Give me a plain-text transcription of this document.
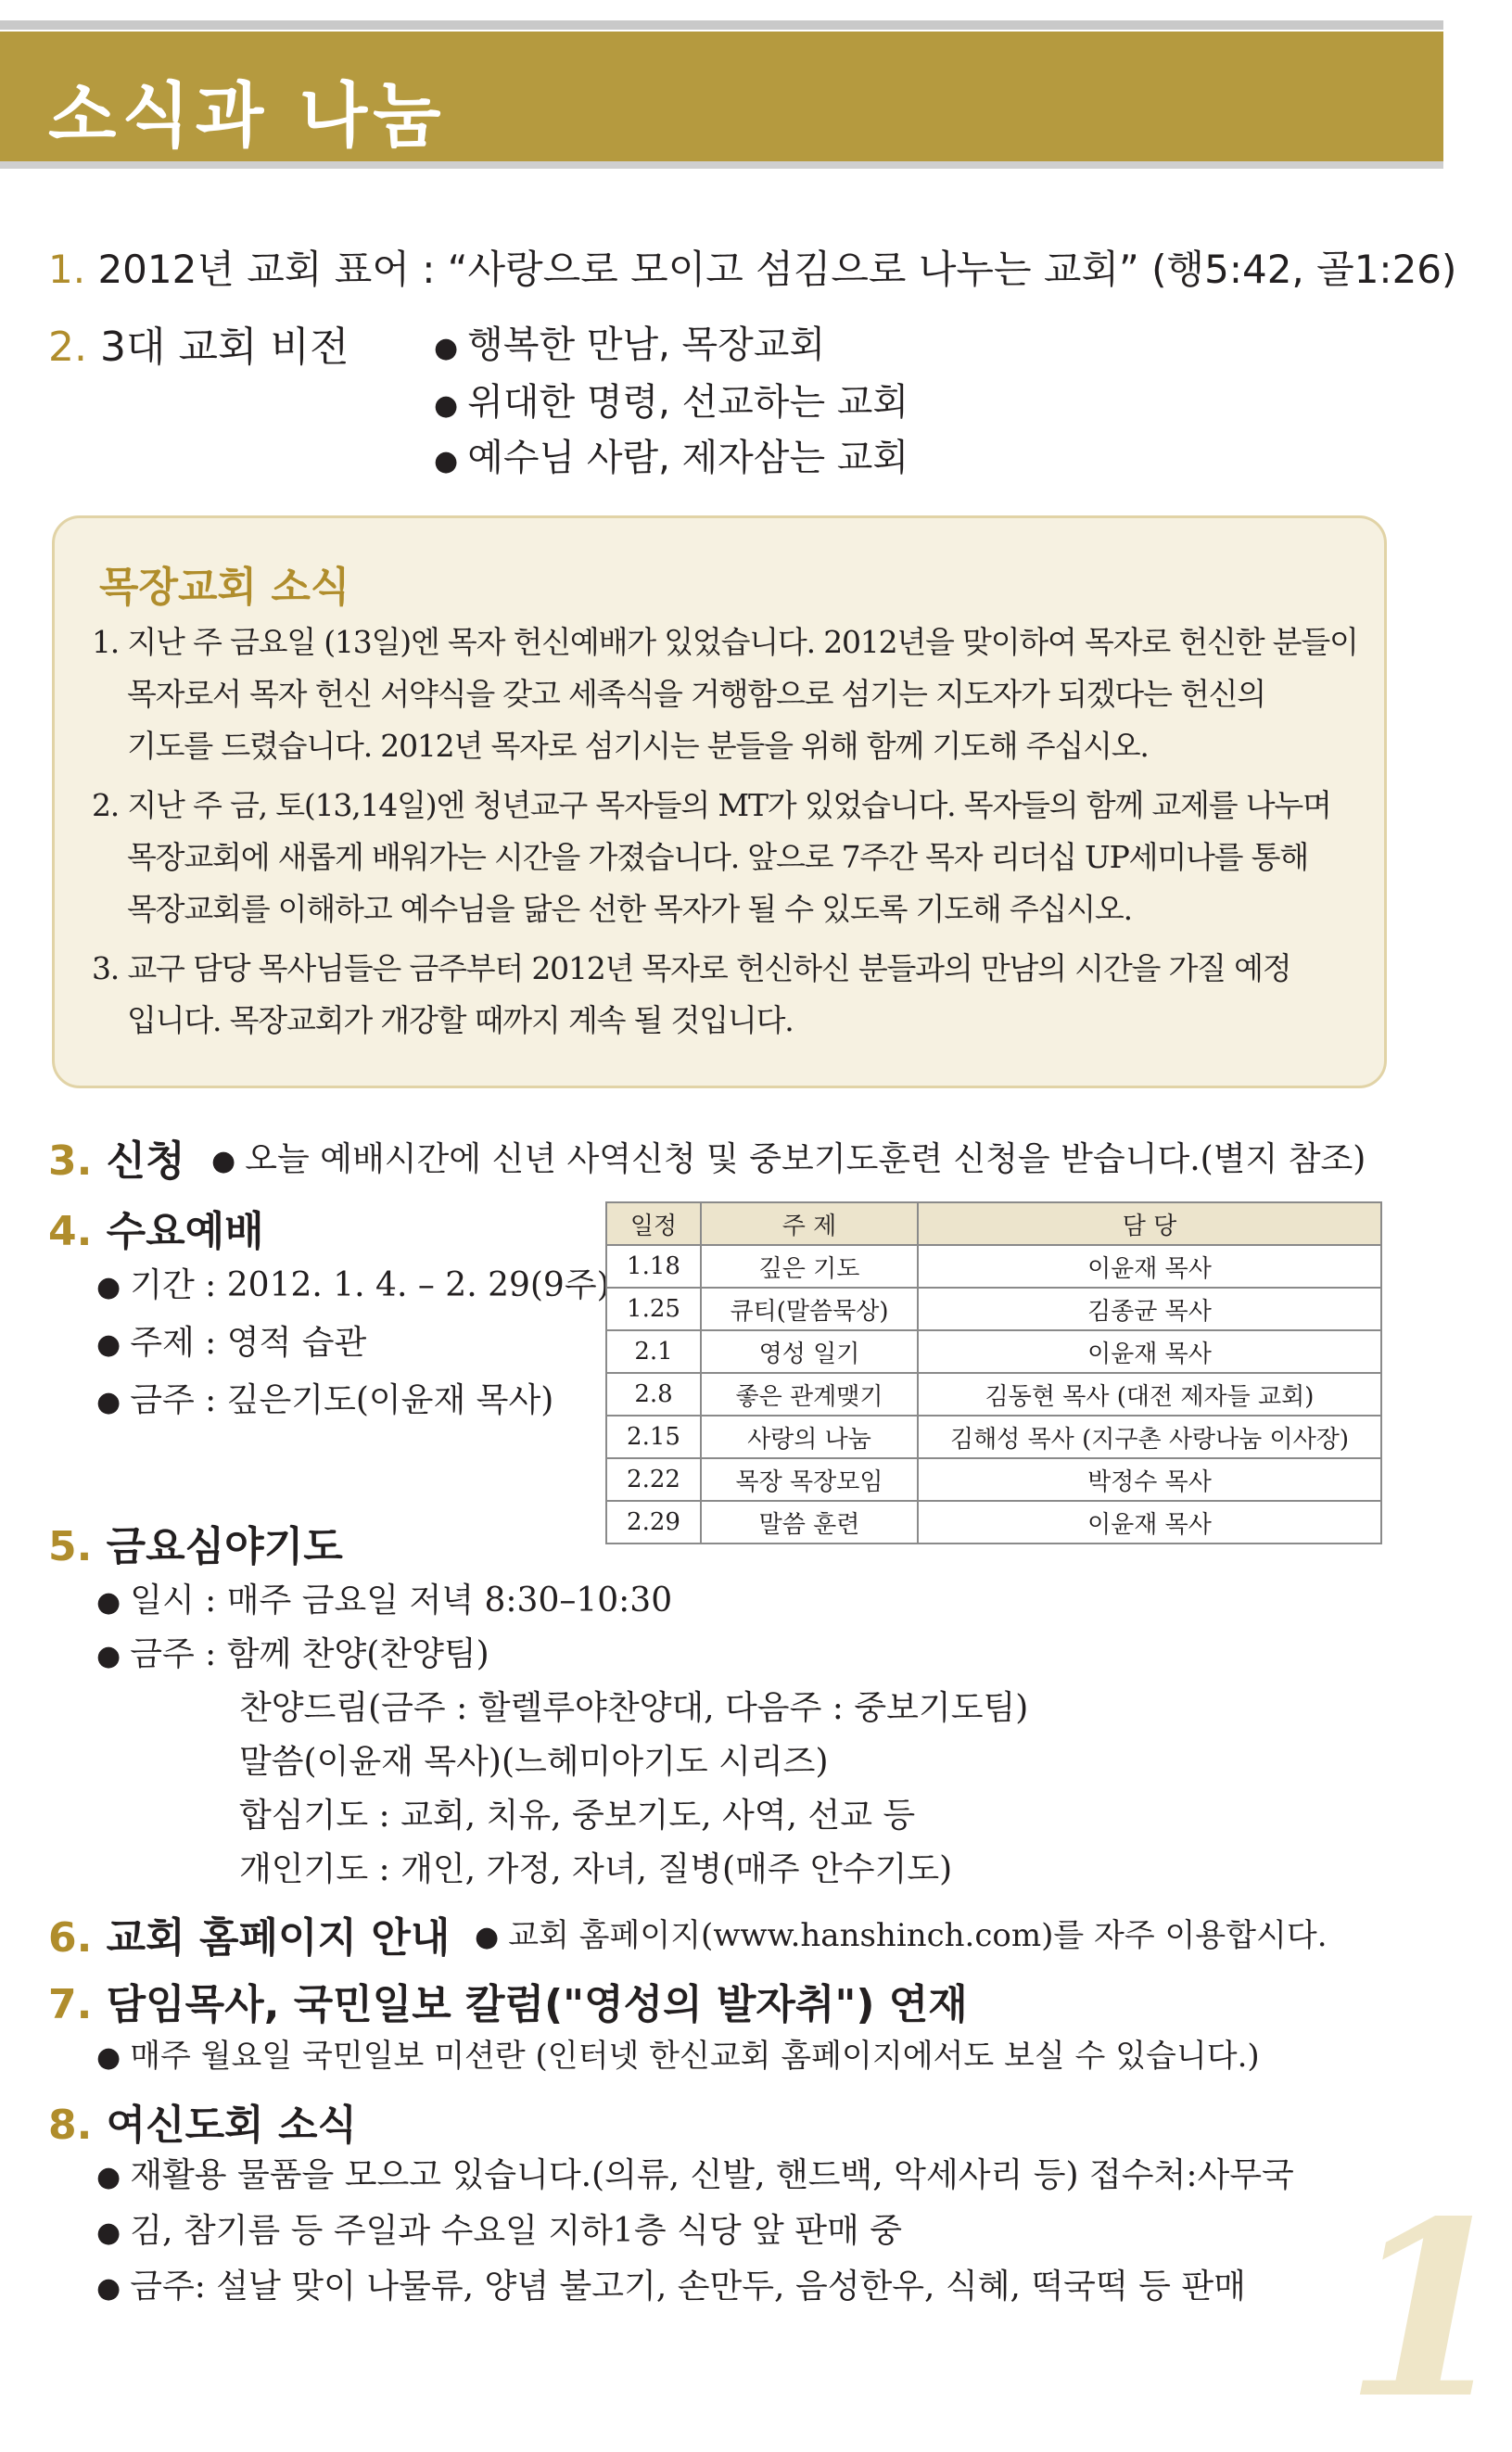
소식과 나눔
1. 2012년 교회 표어 : “사랑으로 모이고 섬김으로 나누는 교회” (행5:42, 골1:26)
2. 3대 교회 비전	● 행복한 만남, 목장교회
● 위대한 명령, 선교하는 교회
● 예수님 사람, 제자삼는 교회
목장교회 소식
1. 지난 주 금요일 (13일)엔 목자 헌신예배가 있었습니다. 2012년을 맞이하여 목자로 헌신한 분들이
목자로서 목자 헌신 서약식을 갖고 세족식을 거행함으로 섬기는 지도자가 되겠다는 헌신의
기도를 드렸습니다. 2012년 목자로 섬기시는 분들을 위해 함께 기도해 주십시오.
2. 지난 주 금, 토(13,14일)엔 청년교구 목자들의 MT가 있었습니다. 목자들의 함께 교제를 나누며
목장교회에 새롭게 배워가는 시간을 가졌습니다. 앞으로 7주간 목자 리더십 UP세미나를 통해
목장교회를 이해하고 예수님을 닮은 선한 목자가 될 수 있도록 기도해 주십시오.
3. 교구 담당 목사님들은 금주부터 2012년 목자로 헌신하신 분들과의 만남의 시간을 가질 예정
입니다. 목장교회가 개강할 때까지 계속 될 것입니다.
3. 신청 ● 오늘 예배시간에 신년 사역신청 및 중보기도훈련 신청을 받습니다.(별지 참조)
4. 수요예배
● 기간 : 2012. 1. 4. – 2. 29(9주)
● 주제 : 영적 습관
● 금주 : 깊은기도(이윤재 목사)
일정	주 제	담 당
1.18	깊은 기도	이윤재 목사
1.25	큐티(말씀묵상)	김종균 목사
2.1	영성 일기	이윤재 목사
2.8	좋은 관계맺기	김동현 목사 (대전 제자들 교회)
2.15	사랑의 나눔	김해성 목사 (지구촌 사랑나눔 이사장)
2.22	목장 목장모임	박정수 목사
2.29	말씀 훈련	이윤재 목사
5. 금요심야기도
● 일시 : 매주 금요일 저녁 8:30–10:30
● 금주 : 함께 찬양(찬양팀)
찬양드림(금주 : 할렐루야찬양대, 다음주 : 중보기도팀)
말씀(이윤재 목사)(느헤미아기도 시리즈)
합심기도 : 교회, 치유, 중보기도, 사역, 선교 등
개인기도 : 개인, 가정, 자녀, 질병(매주 안수기도)
6. 교회 홈페이지 안내 ● 교회 홈페이지(www.hanshinch.com)를 자주 이용합시다.
7. 담임목사, 국민일보 칼럼("영성의 발자취") 연재
● 매주 월요일 국민일보 미션란 (인터넷 한신교회 홈페이지에서도 보실 수 있습니다.)
8. 여신도회 소식
● 재활용 물품을 모으고 있습니다.(의류, 신발, 핸드백, 악세사리 등) 접수처:사무국
● 김, 참기름 등 주일과 수요일 지하1층 식당 앞 판매 중
● 금주: 설날 맞이 나물류, 양념 불고기, 손만두, 음성한우, 식혜, 떡국떡 등 판매 1
